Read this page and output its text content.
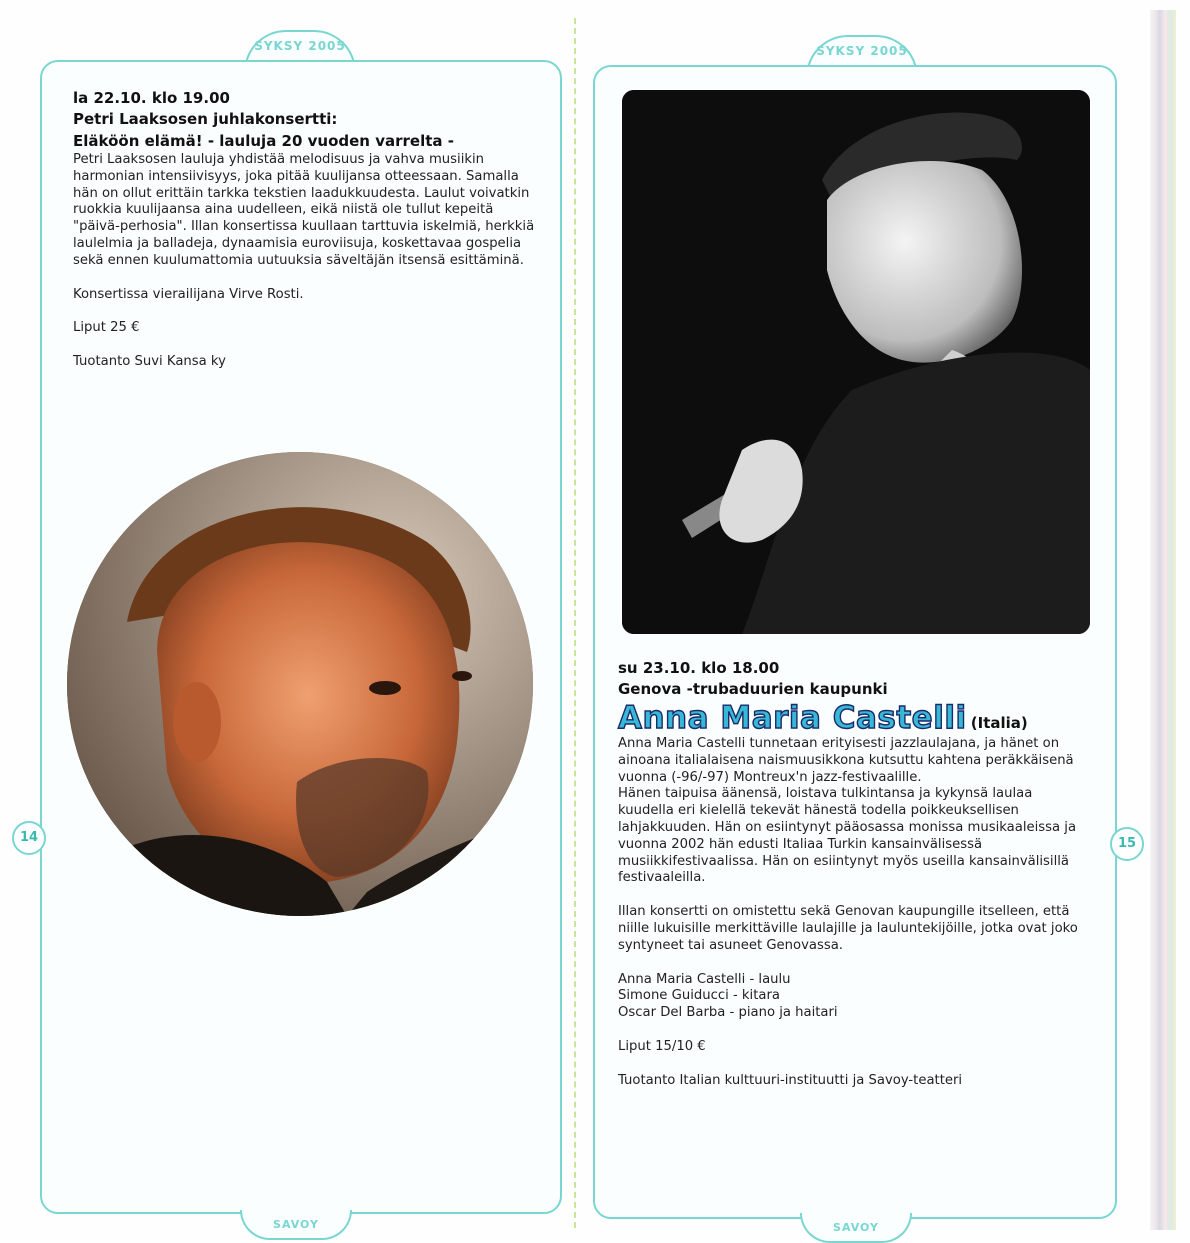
SYKSY 2005
SAVOY
14
la 22.10. klo 19.00
Petri Laaksosen juhlakonsertti:
Eläköön elämä! - lauluja 20 vuoden varrelta -

Petri Laaksosen lauluja yhdistää melodisuus ja vahva musiikin harmonian intensiivisyys, joka pitää kuulijansa otteessaan. Samalla hän on ollut erittäin tarkka tekstien laadukkuudesta. Laulut voivatkin ruokkia kuulijaansa aina uudelleen, eikä niistä ole tullut kepeitä "päivä-perhosia". Illan konsertissa kuullaan tarttuvia iskelmiä, herkkiä laulelmia ja balladeja, dynaamisia euroviisuja, koskettavaa gospelia sekä ennen kuulumattomia uutuuksia säveltäjän itsensä esittäminä.

Konsertissa vierailijana Virve Rosti.

Liput 25 €

Tuotanto Suvi Kansa ky

SYKSY 2005
SAVOY
15
su 23.10. klo 18.00
Genova -trubaduurien kaupunki
Anna Maria Castelli (Italia)

Anna Maria Castelli tunnetaan erityisesti jazzlaulajana, ja hänet on ainoana italialaisena naismuusikkona kutsuttu kahtena peräkkäisenä vuonna (-96/-97) Montreux'n jazz-festivaalille.

Hänen taipuisa äänensä, loistava tulkintansa ja kykynsä laulaa kuudella eri kielellä tekevät hänestä todella poikkeuksellisen lahjakkuuden. Hän on esiintynyt pääosassa monissa musikaaleissa ja vuonna 2002 hän edusti Italiaa Turkin kansainvälisessä musiikkifestivaalissa. Hän on esiintynyt myös useilla kansainvälisillä festivaaleilla.

Illan konsertti on omistettu sekä Genovan kaupungille itselleen, että niille lukuisille merkittäville laulajille ja lauluntekijöille, jotka ovat joko syntyneet tai asuneet Genovassa.

Anna Maria Castelli - laulu
Simone Guiducci - kitara
Oscar Del Barba - piano ja haitari

Liput 15/10 €

Tuotanto Italian kulttuuri-instituutti ja Savoy-teatteri
